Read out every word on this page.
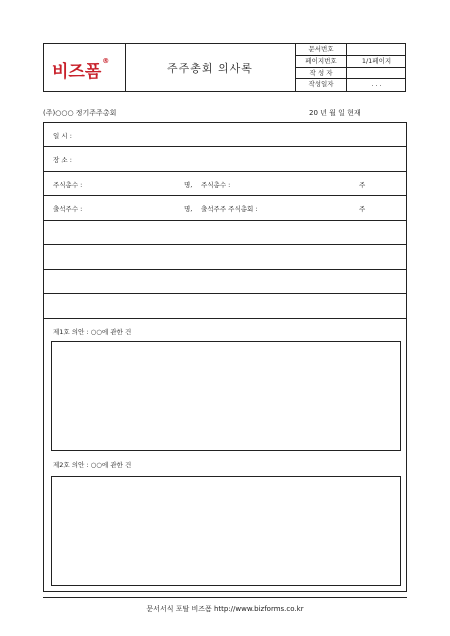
비즈폼®
주주총회 의사록
문서번호
페이지번호	1/1페이지
작 성 자
작성일자	. . .
(주)○○○ 정기주주총회	20 년 월 일 현재
일 시 :
장 소 :
주식총수 :	명, 주식총수 :	주
출석주수 :	명, 출석주주 주식총회 :	주
제1호 의안 : ○○에 관한 건
제2호 의안 : ○○에 관한 건
문서서식 포탈 비즈폼 http://www.bizforms.co.kr
